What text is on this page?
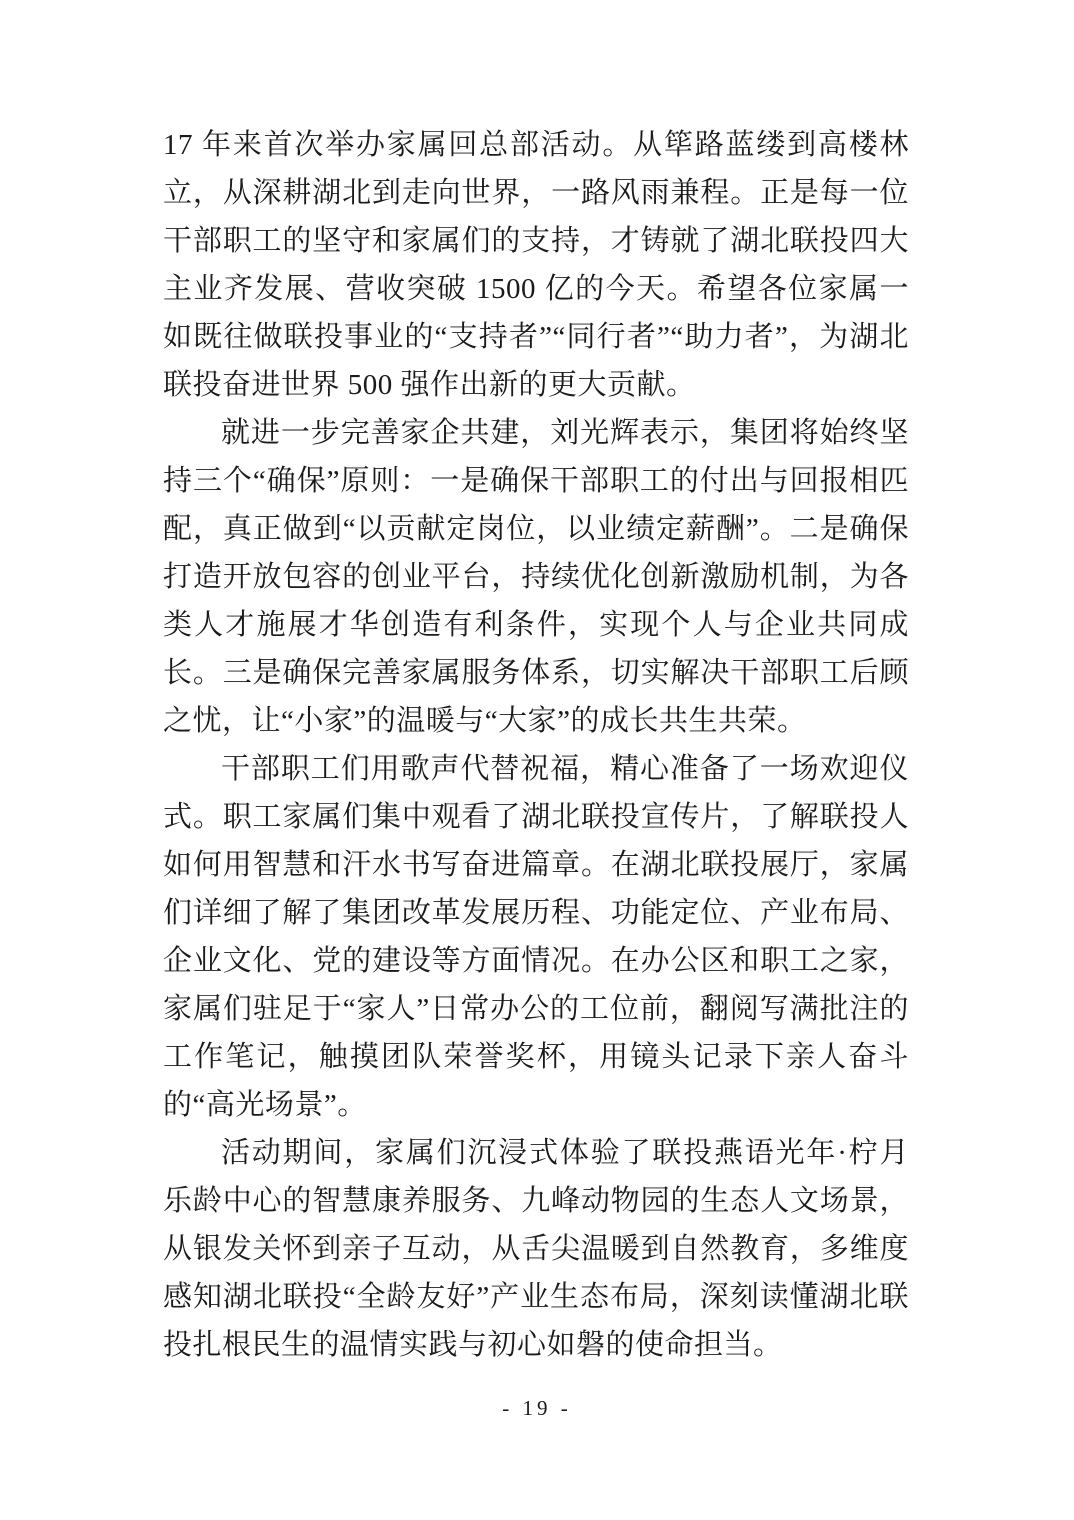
17 年来首次举办家属回总部活动。从筚路蓝缕到高楼林立，从深耕湖北到走向世界，一路风雨兼程。正是每一位干部职工的坚守和家属们的支持，才铸就了湖北联投四大主业齐发展、营收突破 1500 亿的今天。希望各位家属一如既往做联投事业的“支持者”“同行者”“助力者”，为湖北联投奋进世界 500 强作出新的更大贡献。

就进一步完善家企共建，刘光辉表示，集团将始终坚持三个“确保”原则：一是确保干部职工的付出与回报相匹配，真正做到“以贡献定岗位，以业绩定薪酬”。二是确保打造开放包容的创业平台，持续优化创新激励机制，为各类人才施展才华创造有利条件，实现个人与企业共同成长。三是确保完善家属服务体系，切实解决干部职工后顾之忧，让“小家”的温暖与“大家”的成长共生共荣。

干部职工们用歌声代替祝福，精心准备了一场欢迎仪式。职工家属们集中观看了湖北联投宣传片，了解联投人如何用智慧和汗水书写奋进篇章。在湖北联投展厅，家属们详细了解了集团改革发展历程、功能定位、产业布局、企业文化、党的建设等方面情况。在办公区和职工之家，家属们驻足于“家人”日常办公的工位前，翻阅写满批注的工作笔记，触摸团队荣誉奖杯，用镜头记录下亲人奋斗的“高光场景”。

活动期间，家属们沉浸式体验了联投燕语光年·柠月乐龄中心的智慧康养服务、九峰动物园的生态人文场景，从银发关怀到亲子互动，从舌尖温暖到自然教育，多维度感知湖北联投“全龄友好”产业生态布局，深刻读懂湖北联投扎根民生的温情实践与初心如磐的使命担当。

- 19 -
